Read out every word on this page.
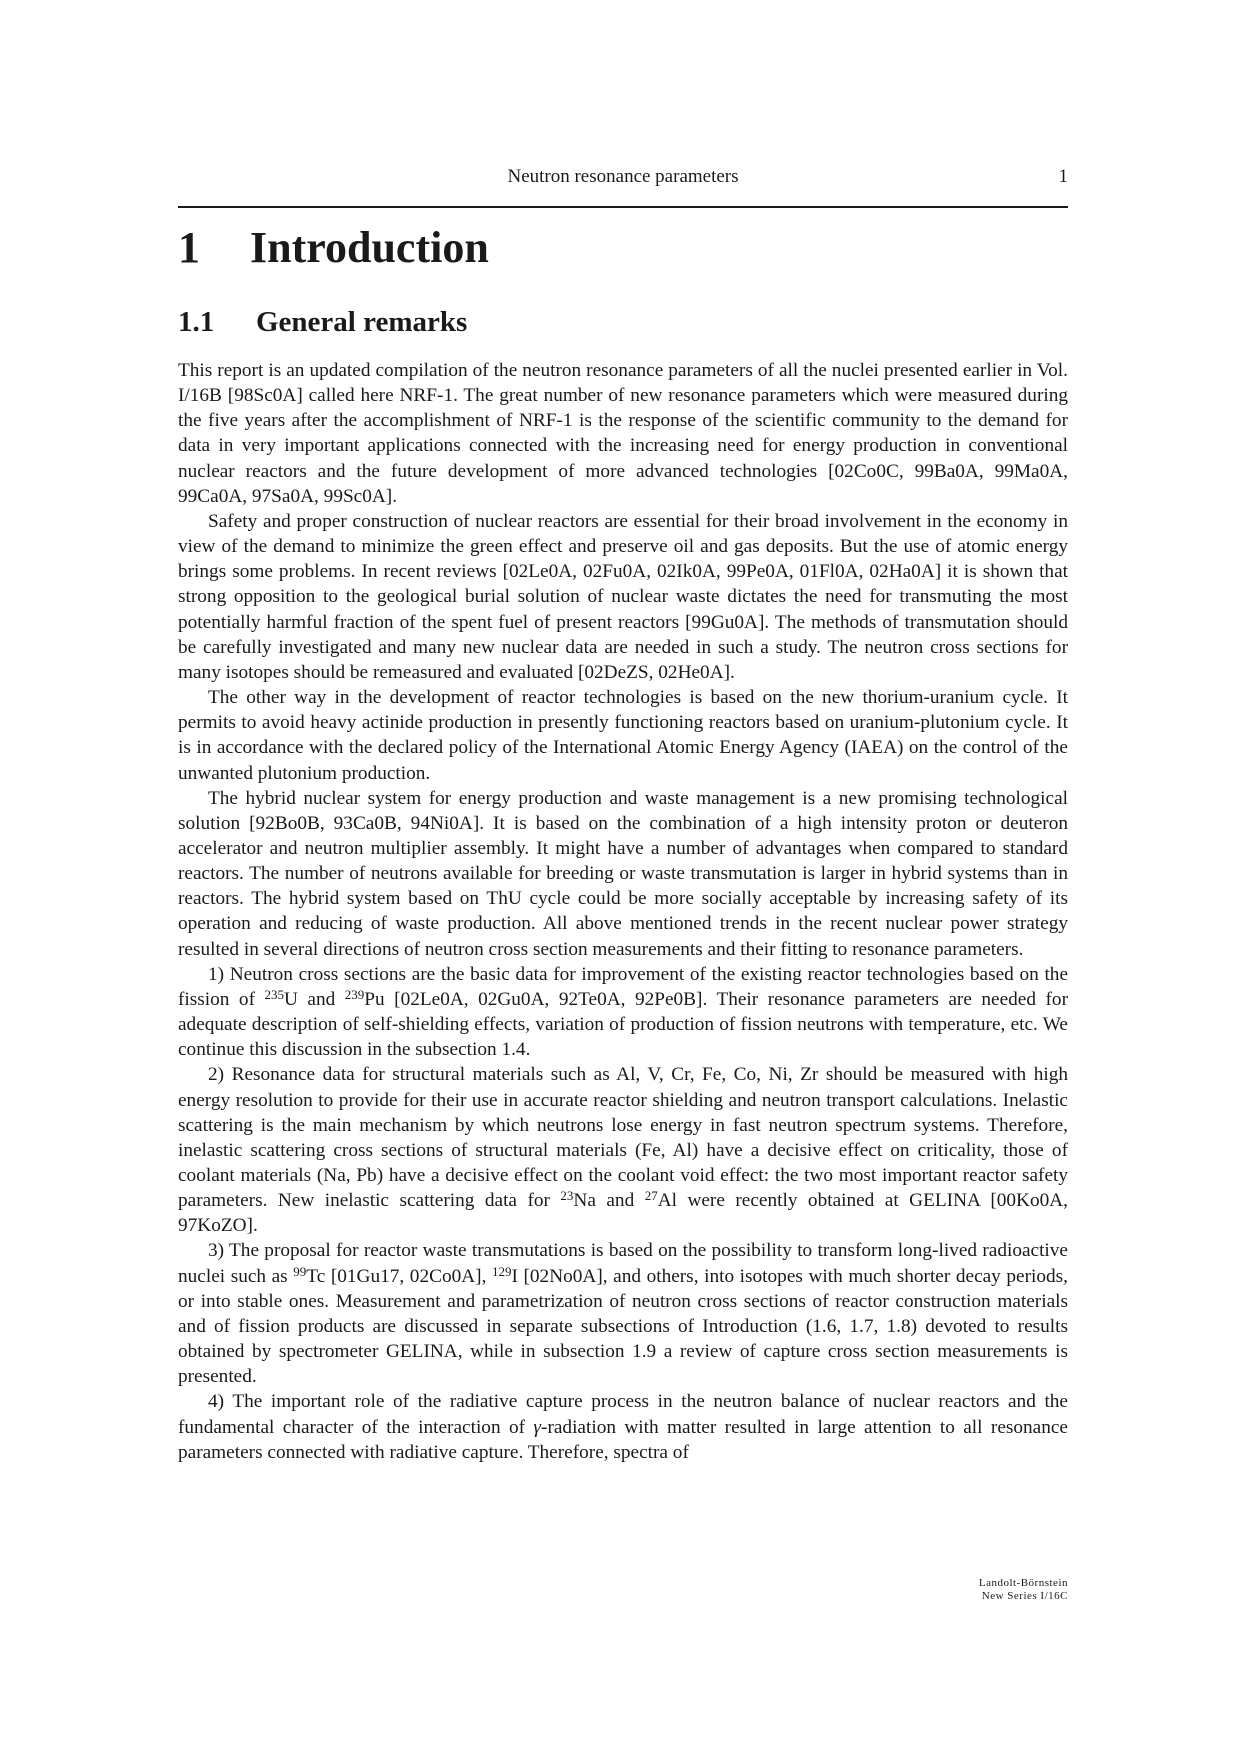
Neutron resonance parameters	1
1 Introduction
1.1 General remarks

This report is an updated compilation of the neutron resonance parameters of all the nuclei presented earlier in Vol. I/16B [98Sc0A] called here NRF-1. The great number of new resonance parameters which were measured during the five years after the accomplishment of NRF-1 is the response of the scientific community to the demand for data in very important applications connected with the increasing need for energy production in conventional nuclear reactors and the future development of more advanced technologies [02Co0C, 99Ba0A, 99Ma0A, 99Ca0A, 97Sa0A, 99Sc0A].

Safety and proper construction of nuclear reactors are essential for their broad involvement in the economy in view of the demand to minimize the green effect and preserve oil and gas deposits. But the use of atomic energy brings some problems. In recent reviews [02Le0A, 02Fu0A, 02Ik0A, 99Pe0A, 01Fl0A, 02Ha0A] it is shown that strong opposition to the geological burial solution of nuclear waste dictates the need for transmuting the most potentially harmful fraction of the spent fuel of present reactors [99Gu0A]. The methods of transmutation should be carefully investigated and many new nuclear data are needed in such a study. The neutron cross sections for many isotopes should be remeasured and evaluated [02DeZS, 02He0A].

The other way in the development of reactor technologies is based on the new thorium-uranium cycle. It permits to avoid heavy actinide production in presently functioning reactors based on uranium-plutonium cycle. It is in accordance with the declared policy of the International Atomic Energy Agency (IAEA) on the control of the unwanted plutonium production.

The hybrid nuclear system for energy production and waste management is a new promising technological solution [92Bo0B, 93Ca0B, 94Ni0A]. It is based on the combination of a high intensity proton or deuteron accelerator and neutron multiplier assembly. It might have a number of advantages when compared to standard reactors. The number of neutrons available for breeding or waste transmutation is larger in hybrid systems than in reactors. The hybrid system based on ThU cycle could be more socially acceptable by increasing safety of its operation and reducing of waste production. All above mentioned trends in the recent nuclear power strategy resulted in several directions of neutron cross section measurements and their fitting to resonance parameters.

1) Neutron cross sections are the basic data for improvement of the existing reactor technologies based on the fission of $^{235}$U and $^{239}$Pu [02Le0A, 02Gu0A, 92Te0A, 92Pe0B]. Their resonance parameters are needed for adequate description of self-shielding effects, variation of production of fission neutrons with temperature, etc. We continue this discussion in the subsection 1.4.

2) Resonance data for structural materials such as Al, V, Cr, Fe, Co, Ni, Zr should be measured with high energy resolution to provide for their use in accurate reactor shielding and neutron transport calculations. Inelastic scattering is the main mechanism by which neutrons lose energy in fast neutron spectrum systems. Therefore, inelastic scattering cross sections of structural materials (Fe, Al) have a decisive effect on criticality, those of coolant materials (Na, Pb) have a decisive effect on the coolant void effect: the two most important reactor safety parameters. New inelastic scattering data for $^{23}$Na and $^{27}$Al were recently obtained at GELINA [00Ko0A, 97KoZO].

3) The proposal for reactor waste transmutations is based on the possibility to transform long-lived radioactive nuclei such as $^{99}$Tc [01Gu17, 02Co0A], $^{129}$I [02No0A], and others, into isotopes with much shorter decay periods, or into stable ones. Measurement and parametrization of neutron cross sections of reactor construction materials and of fission products are discussed in separate subsections of Introduction (1.6, 1.7, 1.8) devoted to results obtained by spectrometer GELINA, while in subsection 1.9 a review of capture cross section measurements is presented.

4) The important role of the radiative capture process in the neutron balance of nuclear reactors and the fundamental character of the interaction of γ-radiation with matter resulted in large attention to all resonance parameters connected with radiative capture. Therefore, spectra of

Landolt-Börnstein
New Series I/16C
